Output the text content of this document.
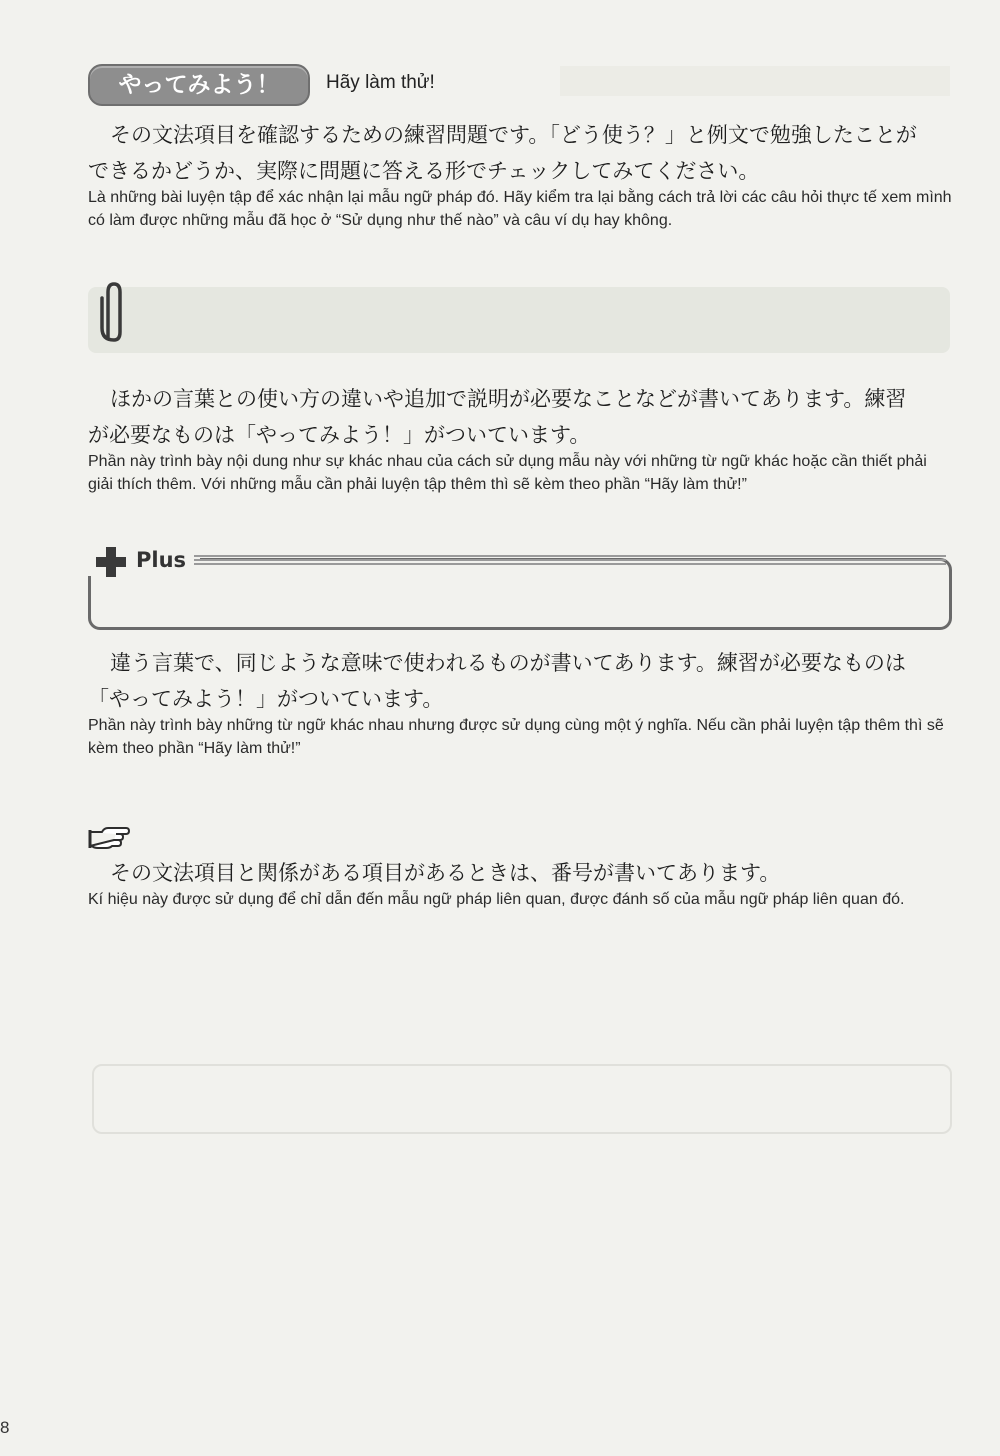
やってみよう！	Hãy làm thử!
その文法項目を確認するための練習問題です。「どう使う？」と例文で勉強したことが
できるかどうか、実際に問題に答える形でチェックしてみてください。
Là những bài luyện tập để xác nhận lại mẫu ngữ pháp đó. Hãy kiểm tra lại bằng cách trả lời các câu hỏi thực tế xem mình có làm được những mẫu đã học ở “Sử dụng như thế nào” và câu ví dụ hay không.
ほかの言葉との使い方の違いや追加で説明が必要なことなどが書いてあります。練習
が必要なものは「やってみよう！」がついています。
Phần này trình bày nội dung như sự khác nhau của cách sử dụng mẫu này với những từ ngữ khác hoặc cần thiết phải giải thích thêm. Với những mẫu cần phải luyện tập thêm thì sẽ kèm theo phần “Hãy làm thử!”
Plus
違う言葉で、同じような意味で使われるものが書いてあります。練習が必要なものは
「やってみよう！」がついています。
Phần này trình bày những từ ngữ khác nhau nhưng được sử dụng cùng một ý nghĩa. Nếu cần phải luyện tập thêm thì sẽ kèm theo phần “Hãy làm thử!”
その文法項目と関係がある項目があるときは、番号が書いてあります。
Kí hiệu này được sử dụng để chỉ dẫn đến mẫu ngữ pháp liên quan, được đánh số của mẫu ngữ pháp liên quan đó.
8
